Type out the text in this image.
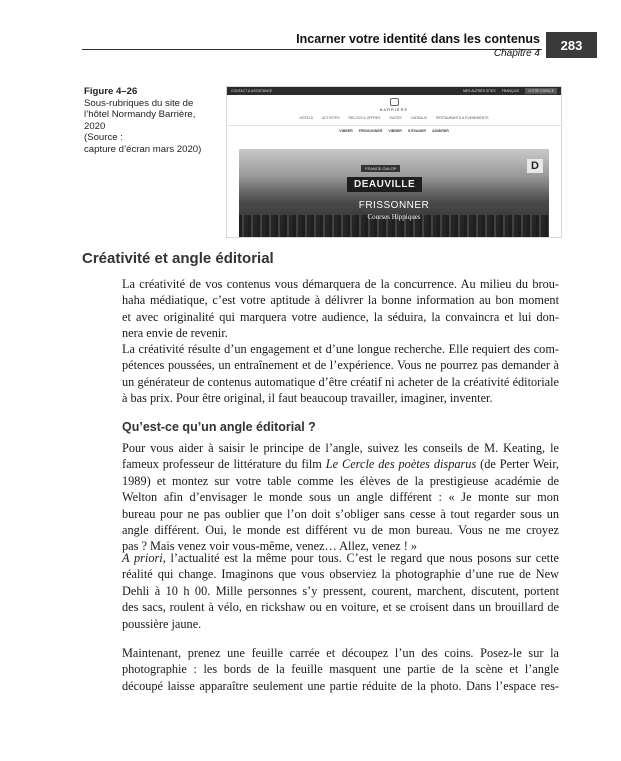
Incarner votre identité dans les contenus
Chapitre 4
283
Figure 4–26
Sous-rubriques du site de
l’hôtel Normandy Barrière,
2020
(Source :
capture d’écran mars 2020)
CONTACT & ASSISTANCE	MES AUTRES SITES FRANÇAIS	VOTRE ESPACE
BARRIÈRE
HOTELS	ACTIVITES	RELOCS & OFFRES	SUITES	CADEAUX	RESTAURANTS & EVENEMENTS
VIBRER FRISSONNER VIBRER S’ÉVADER ADMIRER
FRANCE GALOP
DEAUVILLE
D
FRISSONNER
Courses Hippiques
Créativité et angle éditorial

La créativité de vos contenus vous démarquera de la concurrence. Au milieu du brou-
haha médiatique, c’est votre aptitude à délivrer la bonne information au bon moment
et avec originalité qui marquera votre audience, la séduira, la convaincra et lui don-
nera envie de revenir.

La créativité résulte d’un engagement et d’une longue recherche. Elle requiert des com-
pétences poussées, un entraînement et de l’expérience. Vous ne pourrez pas demander à
un générateur de contenus automatique d’être créatif ni acheter de la créativité éditoriale
à bas prix. Pour être original, il faut beaucoup travailler, imaginer, inventer.

Qu’est-ce qu’un angle éditorial ?

Pour vous aider à saisir le principe de l’angle, suivez les conseils de M. Keating, le
fameux professeur de littérature du film Le Cercle des poètes disparus (de Perter Weir,
1989) et montez sur votre table comme les élèves de la prestigieuse académie de
Welton afin d’envisager le monde sous un angle différent : « Je monte sur mon
bureau pour ne pas oublier que l’on doit s’obliger sans cesse à tout regarder sous un
angle différent. Oui, le monde est différent vu de mon bureau. Vous ne me croyez
pas ? Mais venez voir vous-même, venez… Allez, venez ! »

A priori, l’actualité est la même pour tous. C’est le regard que nous posons sur cette
réalité qui change. Imaginons que vous observiez la photographie d’une rue de New
Dehli à 10 h 00. Mille personnes s’y pressent, courent, marchent, discutent, portent
des sacs, roulent à vélo, en rickshaw ou en voiture, et se croisent dans un brouillard de
poussière jaune.

Maintenant, prenez une feuille carrée et découpez l’un des coins. Posez-le sur la
photographie : les bords de la feuille masquent une partie de la scène et l’angle
découpé laisse apparaître seulement une partie réduite de la photo. Dans l’espace res-
